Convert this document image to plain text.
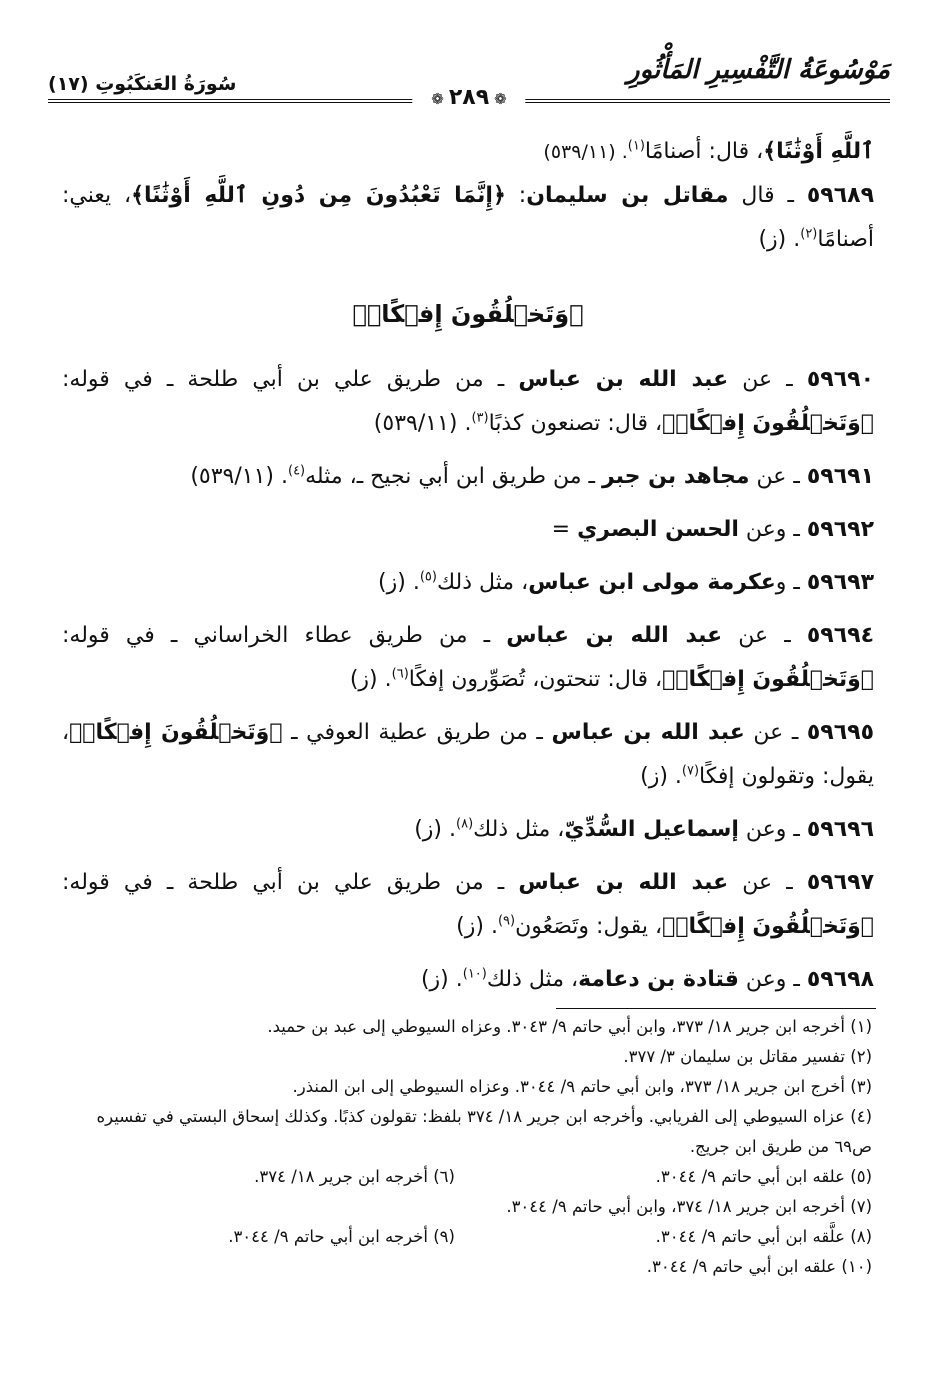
مَوْسُوعَةُ التَّفْسِيرِ المَأْثُورِ
سُورَةُ العَنكَبُوتِ (١٧)
❁٢٨٩❁

ٱللَّهِ أَوْثَٰنًا﴾، قال: أصنامًا$^{(١)}$. (٥٣٩/١١)

٥٩٦٨٩ ـ قال مقاتل بن سليمان: ﴿إِنَّمَا تَعْبُدُونَ مِن دُونِ ٱللَّهِ أَوْثَٰنًا﴾، يعني: أصنامًا$^{(٢)}$. (ز)

﴿وَتَخۡلُقُونَ إِفۡكًاۚ﴾

٥٩٦٩٠ ـ عن عبد الله بن عباس ـ من طريق علي بن أبي طلحة ـ في قوله: ﴿وَتَخۡلُقُونَ إِفۡكًاۚ﴾، قال: تصنعون كذبًا$^{(٣)}$. (٥٣٩/١١)

٥٩٦٩١ ـ عن مجاهد بن جبر ـ من طريق ابن أبي نجيح ـ، مثله$^{(٤)}$. (٥٣٩/١١)

٥٩٦٩٢ ـ وعن الحسن البصري =

٥٩٦٩٣ ـ وعكرمة مولى ابن عباس، مثل ذلك$^{(٥)}$. (ز)

٥٩٦٩٤ ـ عن عبد الله بن عباس ـ من طريق عطاء الخراساني ـ في قوله: ﴿وَتَخۡلُقُونَ إِفۡكًاۚ﴾، قال: تنحتون، تُصَوِّرون إفكًا$^{(٦)}$. (ز)

٥٩٦٩٥ ـ عن عبد الله بن عباس ـ من طريق عطية العوفي ـ ﴿وَتَخۡلُقُونَ إِفۡكًاۚ﴾، يقول: وتقولون إفكًا$^{(٧)}$. (ز)

٥٩٦٩٦ ـ وعن إسماعيل السُّدِّيّ، مثل ذلك$^{(٨)}$. (ز)

٥٩٦٩٧ ـ عن عبد الله بن عباس ـ من طريق علي بن أبي طلحة ـ في قوله: ﴿وَتَخۡلُقُونَ إِفۡكًاۚ﴾، يقول: وتَصَعُون$^{(٩)}$. (ز)

٥٩٦٩٨ ـ وعن قتادة بن دعامة، مثل ذلك$^{(١٠)}$. (ز)

(١) أخرجه ابن جرير ١٨/ ٣٧٣، وابن أبي حاتم ٩/ ٣٠٤٣. وعزاه السيوطي إلى عبد بن حميد.

(٢) تفسير مقاتل بن سليمان ٣/ ٣٧٧.

(٣) أخرج ابن جرير ١٨/ ٣٧٣، وابن أبي حاتم ٩/ ٣٠٤٤. وعزاه السيوطي إلى ابن المنذر.

(٤) عزاه السيوطي إلى الفريابي. وأخرجه ابن جرير ١٨/ ٣٧٤ بلفظ: تقولون كذبًا. وكذلك إسحاق البستي في تفسيره ص٦٩ من طريق ابن جريج.

(٥) علقه ابن أبي حاتم ٩/ ٣٠٤٤.

(٦) أخرجه ابن جرير ١٨/ ٣٧٤.

(٧) أخرجه ابن جرير ١٨/ ٣٧٤، وابن أبي حاتم ٩/ ٣٠٤٤.

(٨) علَّقه ابن أبي حاتم ٩/ ٣٠٤٤.

(٩) أخرجه ابن أبي حاتم ٩/ ٣٠٤٤.

(١٠) علقه ابن أبي حاتم ٩/ ٣٠٤٤.
